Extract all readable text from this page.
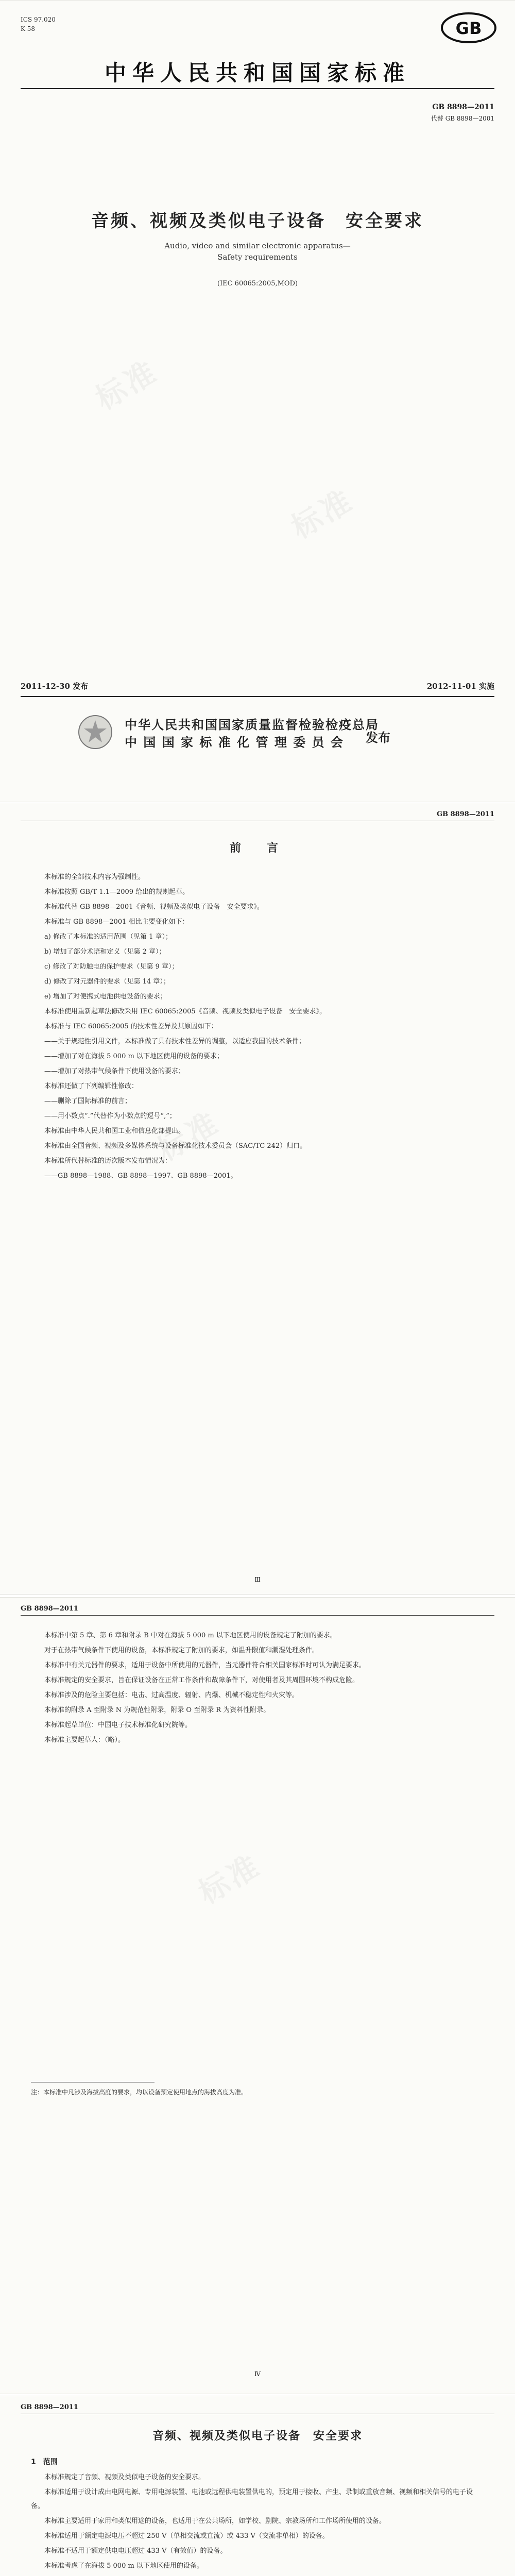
标准
标准
ICS 97.020
K 58	GB
中华人民共和国国家标准
GB 8898—2011
代替 GB 8898—2001
音频、视频及类似电子设备　安全要求
Audio, video and similar electronic apparatus—
Safety requirements
(IEC 60065:2005,MOD)
2011-12-30 发布	2012-11-01 实施
中华人民共和国国家质量监督检验检疫总局
中 国 国 家 标 准 化 管 理 委 员 会	发布
标准
GB 8898—2011
前　言

本标准的全部技术内容为强制性。

本标准按照 GB/T 1.1—2009 给出的规则起草。

本标准代替 GB 8898—2001《音频、视频及类似电子设备　安全要求》。

本标准与 GB 8898—2001 相比主要变化如下：

a) 修改了本标准的适用范围（见第 1 章）；

b) 增加了部分术语和定义（见第 2 章）；

c) 修改了对防触电的保护要求（见第 9 章）；

d) 修改了对元器件的要求（见第 14 章）；

e) 增加了对便携式电池供电设备的要求；

本标准使用重新起草法修改采用 IEC 60065:2005《音频、视频及类似电子设备　安全要求》。

本标准与 IEC 60065:2005 的技术性差异及其原因如下：

——关于规范性引用文件，本标准做了具有技术性差异的调整，以适应我国的技术条件；

——增加了对在海拔 5 000 m 以下地区使用的设备的要求；

——增加了对热带气候条件下使用设备的要求；

本标准还做了下列编辑性修改：

——删除了国际标准的前言；

——用小数点“.”代替作为小数点的逗号“,”；

本标准由中华人民共和国工业和信息化部提出。

本标准由全国音频、视频及多媒体系统与设备标准化技术委员会（SAC/TC 242）归口。

本标准所代替标准的历次版本发布情况为：

——GB 8898—1988、GB 8898—1997、GB 8898—2001。

Ⅲ
标准
GB 8898—2011

本标准中第 5 章、第 6 章和附录 B 中对在海拔 5 000 m 以下地区使用的设备规定了附加的要求。

对于在热带气候条件下使用的设备，本标准规定了附加的要求，如温升限值和潮湿处理条件。

本标准中有关元器件的要求，适用于设备中所使用的元器件，当元器件符合相关国家标准时可认为满足要求。

本标准规定的安全要求，旨在保证设备在正常工作条件和故障条件下，对使用者及其周围环境不构成危险。

本标准涉及的危险主要包括：电击、过高温度、辐射、内爆、机械不稳定性和火灾等。

本标准的附录 A 至附录 N 为规范性附录，附录 O 至附录 R 为资料性附录。

本标准起草单位：中国电子技术标准化研究院等。

本标准主要起草人：（略）。

注：本标准中凡涉及海拔高度的要求，均以设备预定使用地点的海拔高度为准。
Ⅳ
GB 8898—2011
音频、视频及类似电子设备　安全要求

1　范围

本标准规定了音频、视频及类似电子设备的安全要求。

本标准适用于设计成由电网电源、专用电源装置、电池或远程供电装置供电的，预定用于接收、产生、录制或重放音频、视频和相关信号的电子设备。

本标准主要适用于家用和类似用途的设备，也适用于在公共场所，如学校、剧院、宗教场所和工作场所使用的设备。

本标准适用于额定电源电压不超过 250 V（单相交流或直流）或 433 V（交流非单相）的设备。

本标准不适用于额定供电电压超过 433 V（有效值）的设备。

本标准考虑了在海拔 5 000 m 以下地区使用的设备。
